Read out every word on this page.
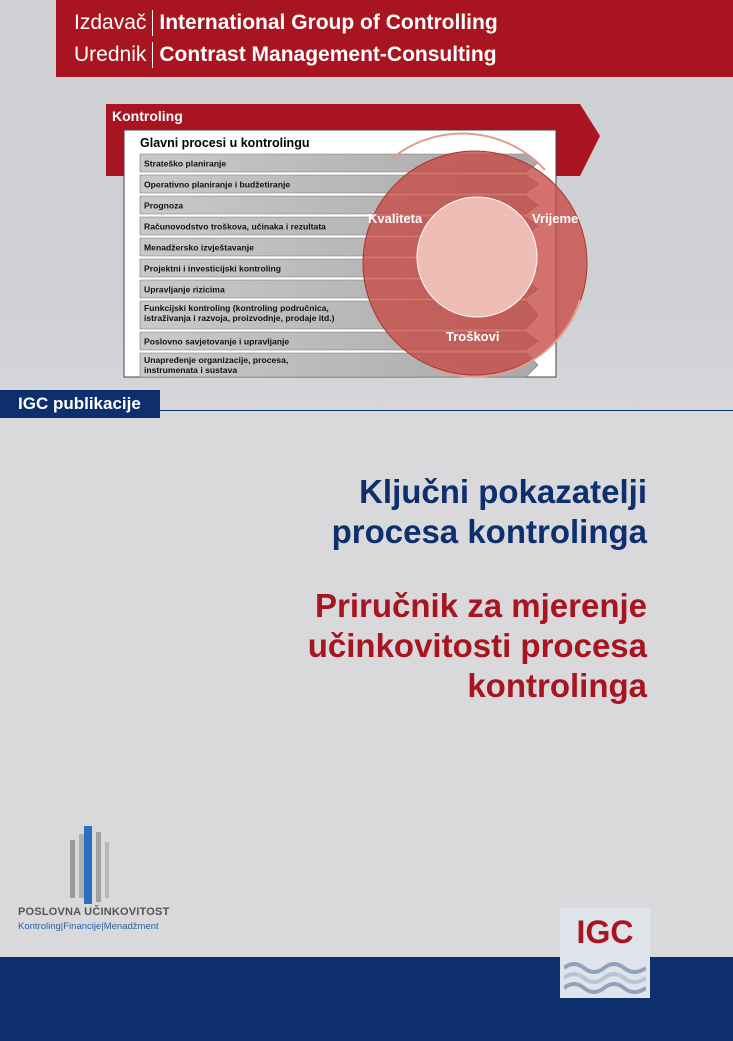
Izdavač International Group of Controlling
Urednik Contrast Management-Consulting
Kontroling
Glavni procesi u kontrolingu
Strateško planiranje
Operativno planiranje i budžetiranje
Prognoza
Računovodstvo troškova, učinaka i rezultata
Menadžersko izvještavanje
Projektni i investicijski kontroling
Upravljanje rizicima
Funkcijski kontroling (kontroling područnica,
istraživanja i razvoja, proizvodnje, prodaje itd.)
Poslovno savjetovanje i upravljanje
Unapređenje organizacije, procesa,
instrumenata i sustava
Kvaliteta	Vrijeme
Troškovi
IGC publikacije
Ključni pokazatelji
procesa kontrolinga
Priručnik za mjerenje
učinkovitosti procesa
kontrolinga
POSLOVNA UČINKOVITOST
Kontroling|Financije|Menadžment	IGC
